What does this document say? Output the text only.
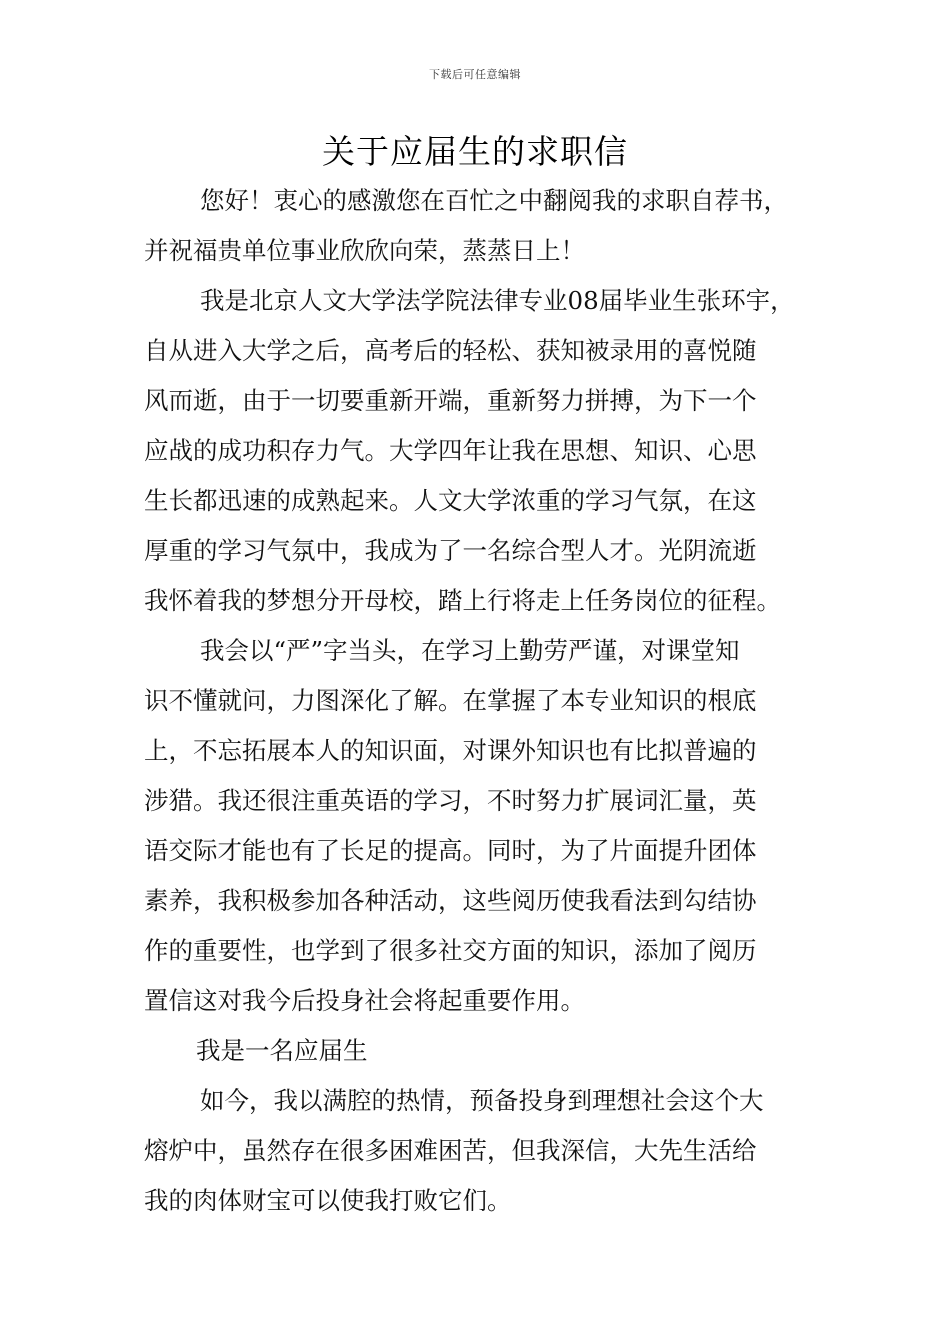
下载后可任意编辑
关于应届生的求职信
您好！衷心的感激您在百忙之中翻阅我的求职自荐书，
并祝福贵单位事业欣欣向荣，蒸蒸日上！
我是北京人文大学法学院法律专业08届毕业生张环宇，
自从进入大学之后，高考后的轻松、获知被录用的喜悦随
风而逝，由于一切要重新开端，重新努力拼搏，为下一个
应战的成功积存力气。大学四年让我在思想、知识、心思
生长都迅速的成熟起来。人文大学浓重的学习气氛，在这
厚重的学习气氛中，我成为了一名综合型人才。光阴流逝
我怀着我的梦想分开母校，踏上行将走上任务岗位的征程。
我会以“严”字当头，在学习上勤劳严谨，对课堂知
识不懂就问，力图深化了解。在掌握了本专业知识的根底
上，不忘拓展本人的知识面，对课外知识也有比拟普遍的
涉猎。我还很注重英语的学习，不时努力扩展词汇量，英
语交际才能也有了长足的提高。同时，为了片面提升团体
素养，我积极参加各种活动，这些阅历使我看法到勾结协
作的重要性，也学到了很多社交方面的知识，添加了阅历
置信这对我今后投身社会将起重要作用。
我是一名应届生
如今，我以满腔的热情，预备投身到理想社会这个大
熔炉中，虽然存在很多困难困苦，但我深信，大先生活给
我的肉体财宝可以使我打败它们。
